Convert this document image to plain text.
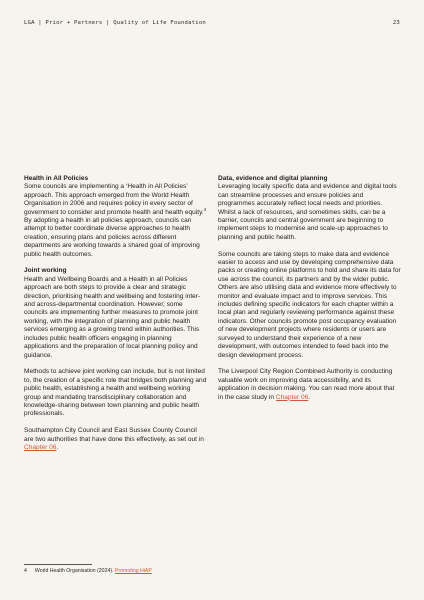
LGA | Prior + Partners | Quality of Life Foundation	23
Health in All Policies
Some councils are implementing a ‘Health in All Policies’ approach. This approach emerged from the World Health Organisation in 2006 and requires policy in every sector of government to consider and promote health and health equity.$^4$ By adopting a health in all policies approach, councils can attempt to better coordinate diverse approaches to health creation, ensuring plans and policies across different departments are working towards a shared goal of improving public health outcomes.
Joint working
Health and Wellbeing Boards and a Health in all Policies approach are both steps to provide a clear and strategic direction, prioritising health and wellbeing and fostering inter- and across-departmental coordination. However, some councils are implementing further measures to promote joint working, with the integration of planning and public health services emerging as a growing trend within authorities. This includes public health officers engaging in planning applications and the preparation of local planning policy and guidance.
Methods to achieve joint working can include, but is not limited to, the creation of a specific role that bridges both planning and public health, establishing a health and wellbeing working group and mandating transdisciplinary collaboration and knowledge-sharing between town planning and public health professionals.
Southampton City Council and East Sussex County Council are two authorities that have done this effectively, as set out in Chapter 06.
Data, evidence and digital planning
Leveraging locally specific data and evidence and digital tools can streamline processes and ensure policies and programmes accurately reflect local needs and priorities. Whilst a lack of resources, and sometimes skills, can be a barrier, councils and central government are beginning to implement steps to modernise and scale-up approaches to planning and public health.
Some councils are taking steps to make data and evidence easier to access and use by developing comprehensive data packs or creating online platforms to hold and share its data for use across the council, its partners and by the wider public. Others are also utilising data and evidence more effectively to monitor and evaluate impact and to improve services. This includes defining specific indicators for each chapter within a local plan and regularly reviewing performance against these indicators. Other councils promote post occupancy evaluation of new development projects where residents or users are surveyed to understand their experience of a new development, with outcomes intended to feed back into the design development process.
The Liverpool City Region Combined Authority is conducting valuable work on improving data accessibility, and its application in decision making. You can read more about that in the case study in Chapter 06.
4 World Health Organisation (2024). Promoting HiAP
